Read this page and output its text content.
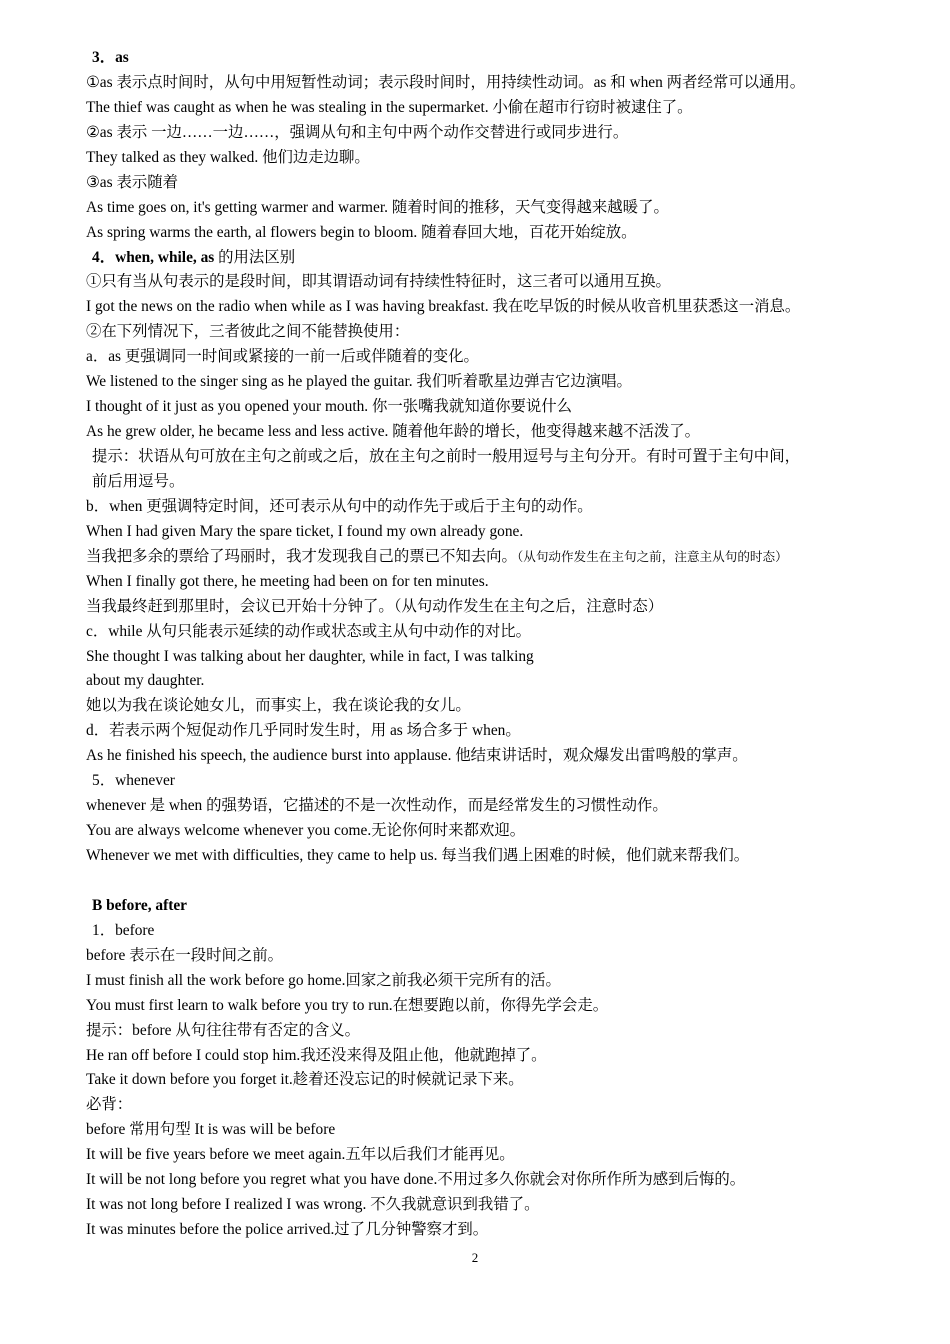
3．as
①as 表示点时间时，从句中用短暂性动词；表示段时间时，用持续性动词。as 和 when 两者经常可以通用。
The thief was caught as when he was stealing in the supermarket. 小偷在超市行窃时被逮住了。
②as 表示 一边……一边……，强调从句和主句中两个动作交替进行或同步进行。
They talked as they walked. 他们边走边聊。
③as 表示随着
As time goes on, it's getting warmer and warmer. 随着时间的推移，天气变得越来越暖了。
As spring warms the earth, al flowers begin to bloom. 随着春回大地，百花开始绽放。
4．when, while, as 的用法区别
①只有当从句表示的是段时间，即其谓语动词有持续性特征时，这三者可以通用互换。
I got the news on the radio when while as I was having breakfast. 我在吃早饭的时候从收音机里获悉这一消息。
②在下列情况下，三者彼此之间不能替换使用：
a．as 更强调同一时间或紧接的一前一后或伴随着的变化。
We listened to the singer sing as he played the guitar. 我们听着歌星边弹吉它边演唱。
I thought of it just as you opened your mouth. 你一张嘴我就知道你要说什么
As he grew older, he became less and less active. 随着他年龄的增长，他变得越来越不活泼了。
提示：状语从句可放在主句之前或之后，放在主句之前时一般用逗号与主句分开。有时可置于主句中间，
前后用逗号。
b．when 更强调特定时间，还可表示从句中的动作先于或后于主句的动作。
When I had given Mary the spare ticket, I found my own already gone.
当我把多余的票给了玛丽时，我才发现我自己的票已不知去向。（从句动作发生在主句之前，注意主从句的时态）
When I finally got there, he meeting had been on for ten minutes.
当我最终赶到那里时，会议已开始十分钟了。（从句动作发生在主句之后，注意时态）
c．while 从句只能表示延续的动作或状态或主从句中动作的对比。
She thought I was talking about her daughter, while in fact, I was talking
about my daughter.
她以为我在谈论她女儿，而事实上，我在谈论我的女儿。
d．若表示两个短促动作几乎同时发生时，用 as 场合多于 when。
As he finished his speech, the audience burst into applause. 他结束讲话时，观众爆发出雷鸣般的掌声。
5．whenever
whenever 是 when 的强势语，它描述的不是一次性动作，而是经常发生的习惯性动作。
You are always welcome whenever you come.无论你何时来都欢迎。
Whenever we met with difficulties, they came to help us. 每当我们遇上困难的时候，他们就来帮我们。
B before, after
1．before
before 表示在一段时间之前。
I must finish all the work before go home.回家之前我必须干完所有的活。
You must first learn to walk before you try to run.在想要跑以前，你得先学会走。
提示：before 从句往往带有否定的含义。
He ran off before I could stop him.我还没来得及阻止他，他就跑掉了。
Take it down before you forget it.趁着还没忘记的时候就记录下来。
必背：
before 常用句型 It is was will be before
It will be five years before we meet again.五年以后我们才能再见。
It will be not long before you regret what you have done.不用过多久你就会对你所作所为感到后悔的。
It was not long before I realized I was wrong. 不久我就意识到我错了。
It was minutes before the police arrived.过了几分钟警察才到。
2
